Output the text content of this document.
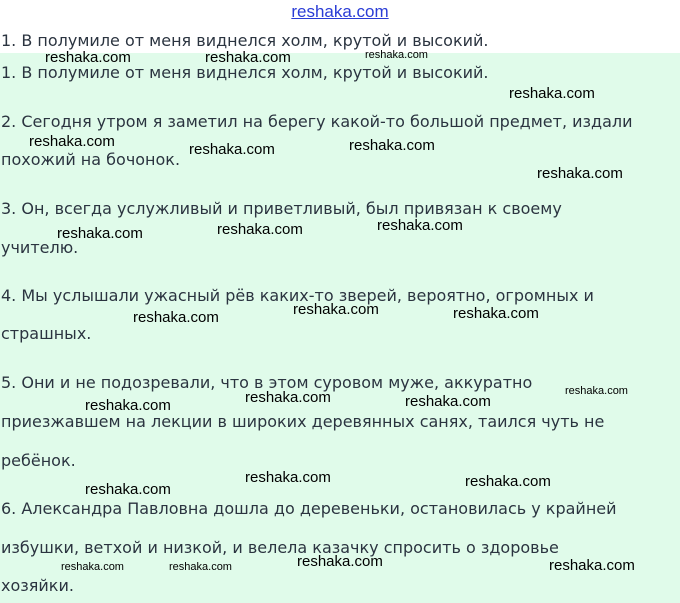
reshaka.com
1. В полумиле от меня виднелся холм, крутой и высокий.
1. В полумиле от меня виднелся холм, крутой и высокий.
2. Сегодня утром я заметил на берегу какой-то большой предмет, издали
похожий на бочонок.
3. Он, всегда услужливый и приветливый, был привязан к своему
учителю.
4. Мы услышали ужасный рёв каких-то зверей, вероятно, огромных и
страшных.
5. Они и не подозревали, что в этом суровом муже, аккуратно
приезжавшем на лекции в широких деревянных санях, таился чуть не
ребёнок.
6. Александра Павловна дошла до деревеньки, остановилась у крайней
избушки, ветхой и низкой, и велела казачку спросить о здоровье
хозяйки.
reshaka.com	reshaka.com	reshaka.com
reshaka.com
reshaka.com	reshaka.com	reshaka.com
reshaka.com
reshaka.com	reshaka.com	reshaka.com
reshaka.com	reshaka.com	reshaka.com
reshaka.com
reshaka.com	reshaka.com	reshaka.com
reshaka.com
reshaka.com	reshaka.com
reshaka.com	reshaka.com	reshaka.com	reshaka.com
